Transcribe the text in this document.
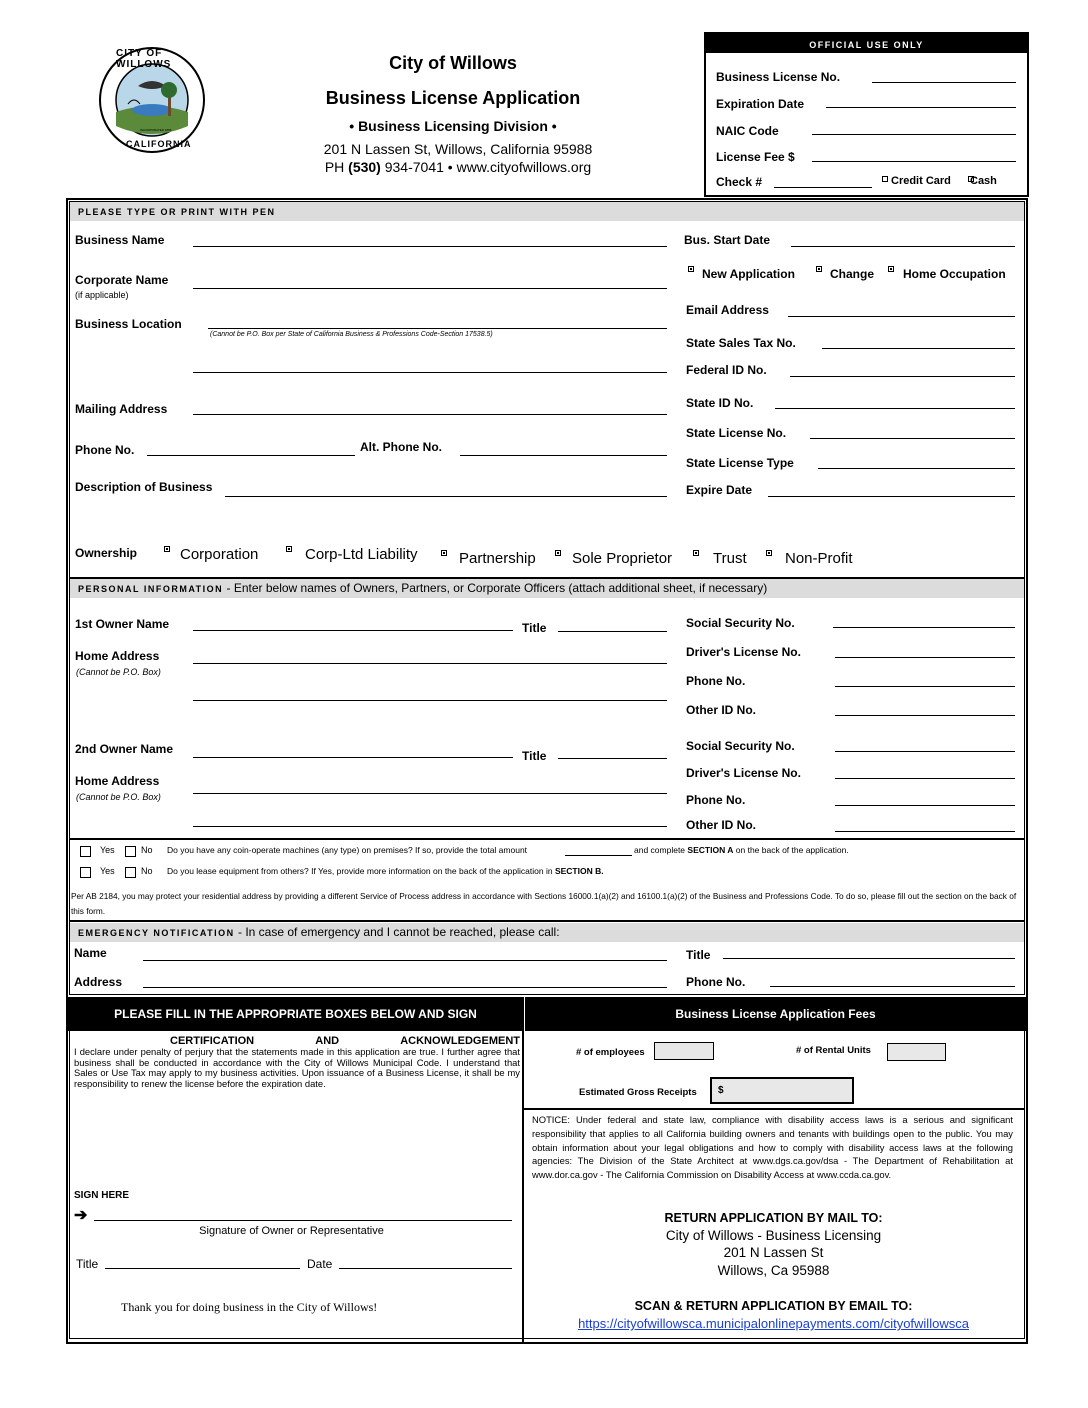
CITY OF WILLOWS
CALIFORNIA
INCORPORATED 1886
City of Willows
Business License Application
• Business Licensing Division •
201 N Lassen St, Willows, California 95988
PH (530) 934-7041 • www.cityofwillows.org
OFFICIAL USE ONLY
Business License No.
Expiration Date
NAIC Code
License Fee $
Check #	Credit Card Cash
PLEASE TYPE OR PRINT WITH PEN
Business Name
Corporate Name
(if applicable)
Business Location
(Cannot be P.O. Box per State of California Business & Professions Code-Section 17538.5)
Mailing Address
Phone No.	Alt. Phone No.
Description of Business
Bus. Start Date
New Application	Change Home Occupation
Email Address
State Sales Tax No.
Federal ID No.
State ID No.
State License No.
State License Type
Expire Date
Ownership	Corporation	Corp-Ltd Liability	Partnership Sole Proprietor	Trust	Non-Profit
PERSONAL INFORMATION - Enter below names of Owners, Partners, or Corporate Officers (attach additional sheet, if necessary)
1st Owner Name	Title
Home Address
(Cannot be P.O. Box)
Social Security No.
Driver's License No.
Phone No.
Other ID No.
2nd Owner Name	Title
Home Address
(Cannot be P.O. Box)
Social Security No.
Driver's License No.
Phone No.
Other ID No.
Yes	No Do you have any coin-operate machines (any type) on premises? If so, provide the total amount	and complete SECTION A on the back of the application.
Yes	No Do you lease equipment from others? If Yes, provide more information on the back of the application in SECTION B.
Per AB 2184, you may protect your residential address by providing a different Service of Process address in accordance with Sections 16000.1(a)(2) and 16100.1(a)(2) of the Business and Professions Code. To do so, please fill out the section on the back of this form.
EMERGENCY NOTIFICATION - In case of emergency and I cannot be reached, please call:
Name
Address
Title
Phone No.
PLEASE FILL IN THE APPROPRIATE BOXES BELOW AND SIGN	Business License Application Fees
CERTIFICATION	AND	ACKNOWLEDGEMENT
I declare under penalty of perjury that the statements made in this application are true. I further agree that business shall be conducted in accordance with the City of Willows Municipal Code. I understand that Sales or Use Tax may apply to my business activities. Upon issuance of a Business License, it shall be my responsibility to renew the license before the expiration date.
SIGN HERE
➔
Signature of Owner or Representative
Title	Date
Thank you for doing business in the City of Willows!
# of employees	# of Rental Units
Estimated Gross Receipts $
NOTICE: Under federal and state law, compliance with disability access laws is a serious and significant responsibility that applies to all California building owners and tenants with buildings open to the public. You may obtain information about your legal obligations and how to comply with disability access laws at the following agencies: The Division of the State Architect at www.dgs.ca.gov/dsa - The Department of Rehabilitation at www.dor.ca.gov - The California Commission on Disability Access at www.ccda.ca.gov.
RETURN APPLICATION BY MAIL TO:
City of Willows - Business Licensing
201 N Lassen St
Willows, Ca 95988
SCAN & RETURN APPLICATION BY EMAIL TO:
https://cityofwillowsca.municipalonlinepayments.com/cityofwillowsca
